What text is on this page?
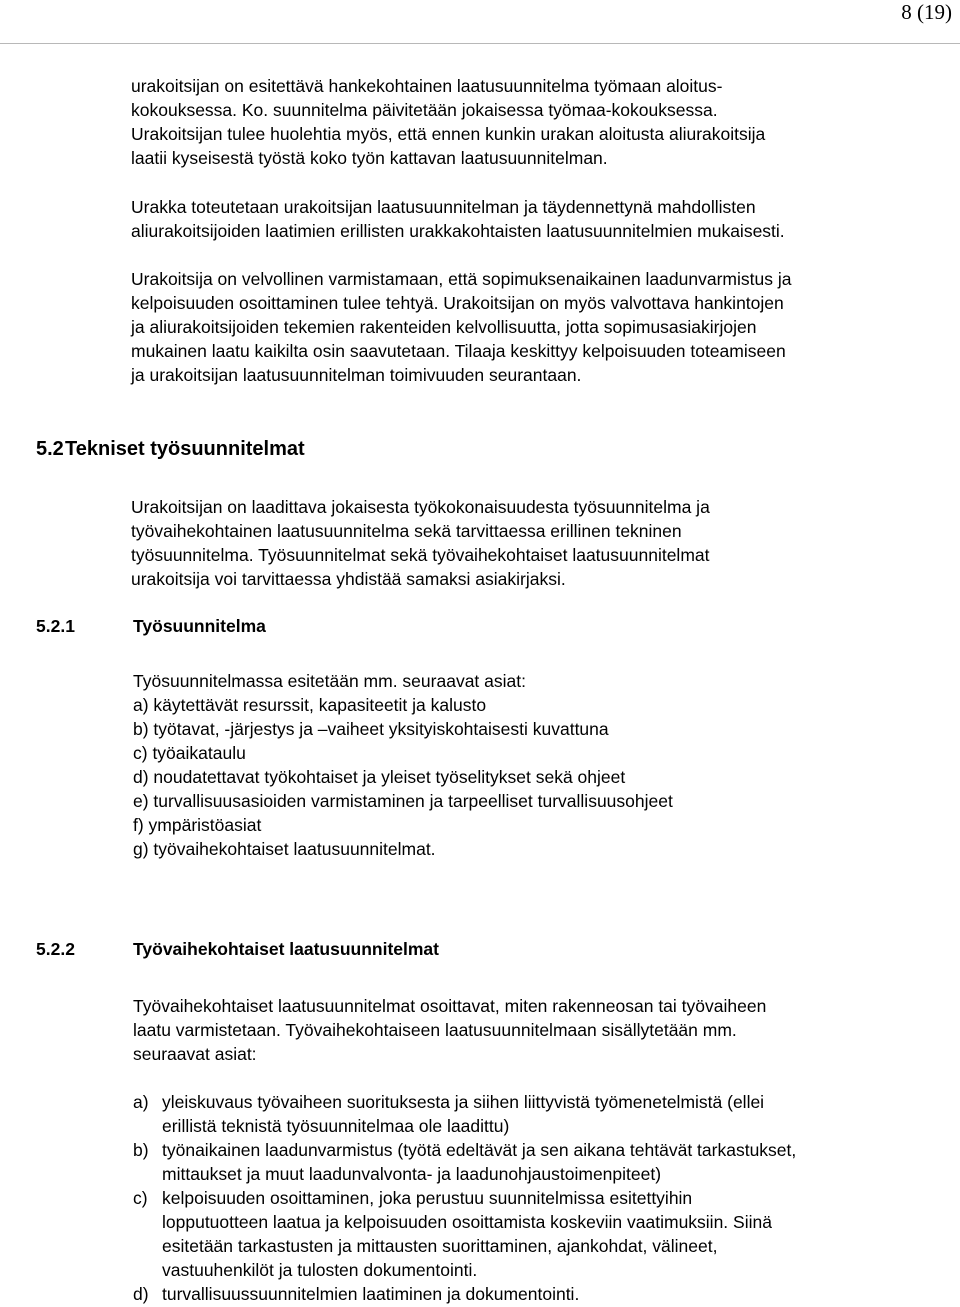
8 (19)

urakoitsijan on esitettävä hankekohtainen laatusuunnitelma työmaan aloitus-
kokouksessa. Ko. suunnitelma päivitetään jokaisessa työmaa-kokouksessa.
Urakoitsijan tulee huolehtia myös, että ennen kunkin urakan aloitusta aliurakoitsija
laatii kyseisestä työstä koko työn kattavan laatusuunnitelman.

Urakka toteutetaan urakoitsijan laatusuunnitelman ja täydennettynä mahdollisten
aliurakoitsijoiden laatimien erillisten urakkakohtaisten laatusuunnitelmien mukaisesti.

Urakoitsija on velvollinen varmistamaan, että sopimuksenaikainen laadunvarmistus ja
kelpoisuuden osoittaminen tulee tehtyä. Urakoitsijan on myös valvottava hankintojen
ja aliurakoitsijoiden tekemien rakenteiden kelvollisuutta, jotta sopimusasiakirjojen
mukainen laatu kaikilta osin saavutetaan. Tilaaja keskittyy kelpoisuuden toteamiseen
ja urakoitsijan laatusuunnitelman toimivuuden seurantaan.

5.2 Tekniset työsuunnitelmat

Urakoitsijan on laadittava jokaisesta työkokonaisuudesta työsuunnitelma ja
työvaihekohtainen laatusuunnitelma sekä tarvittaessa erillinen tekninen
työsuunnitelma. Työsuunnitelmat sekä työvaihekohtaiset laatusuunnitelmat
urakoitsija voi tarvittaessa yhdistää samaksi asiakirjaksi.

5.2.1	Työsuunnitelma

Työsuunnitelmassa esitetään mm. seuraavat asiat:

a) käytettävät resurssit, kapasiteetit ja kalusto
b) työtavat, -järjestys ja –vaiheet yksityiskohtaisesti kuvattuna
c) työaikataulu
d) noudatettavat työkohtaiset ja yleiset työselitykset sekä ohjeet
e) turvallisuusasioiden varmistaminen ja tarpeelliset turvallisuusohjeet
f) ympäristöasiat
g) työvaihekohtaiset laatusuunnitelmat.
5.2.2	Työvaihekohtaiset laatusuunnitelmat

Työvaihekohtaiset laatusuunnitelmat osoittavat, miten rakenneosan tai työvaiheen
laatu varmistetaan. Työvaihekohtaiseen laatusuunnitelmaan sisällytetään mm.
seuraavat asiat:

a) yleiskuvaus työvaiheen suorituksesta ja siihen liittyvistä työmenetelmistä (ellei
erillistä teknistä työsuunnitelmaa ole laadittu)
b) työnaikainen laadunvarmistus (työtä edeltävät ja sen aikana tehtävät tarkastukset,
mittaukset ja muut laadunvalvonta- ja laadunohjaustoimenpiteet)
c) kelpoisuuden osoittaminen, joka perustuu suunnitelmissa esitettyihin
lopputuotteen laatua ja kelpoisuuden osoittamista koskeviin vaatimuksiin. Siinä
esitetään tarkastusten ja mittausten suorittaminen, ajankohdat, välineet,
vastuuhenkilöt ja tulosten dokumentointi.
d) turvallisuussuunnitelmien laatiminen ja dokumentointi.
